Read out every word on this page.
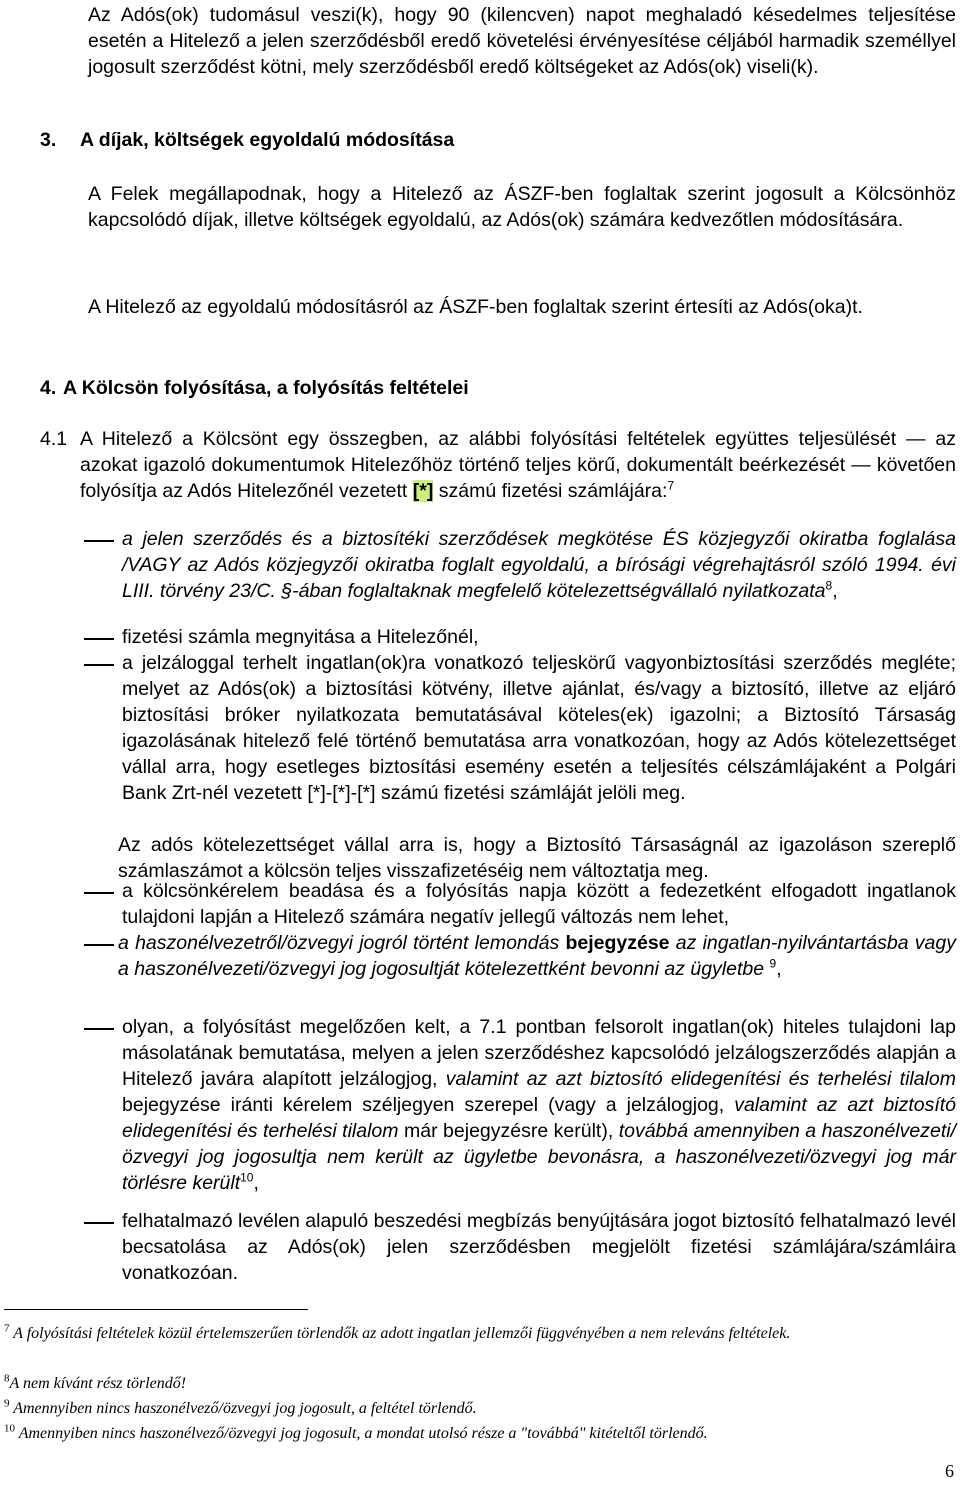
Az Adós(ok) tudomásul veszi(k), hogy 90 (kilencven) napot meghaladó késedelmes teljesítése esetén a Hitelező a jelen szerződésből eredő követelési érvényesítése céljából harmadik személlyel jogosult szerződést kötni, mely szerződésből eredő költségeket az Adós(ok) viseli(k).
3. A díjak, költségek egyoldalú módosítása
A Felek megállapodnak, hogy a Hitelező az ÁSZF-ben foglaltak szerint jogosult a Kölcsönhöz kapcsolódó díjak, illetve költségek egyoldalú, az Adós(ok) számára kedvezőtlen módosítására.
A Hitelező az egyoldalú módosításról az ÁSZF-ben foglaltak szerint értesíti az Adós(oka)t.
4. A Kölcsön folyósítása, a folyósítás feltételei
4.1 A Hitelező a Kölcsönt egy összegben, az alábbi folyósítási feltételek együttes teljesülését — az azokat igazoló dokumentumok Hitelezőhöz történő teljes körű, dokumentált beérkezését — követően folyósítja az Adós Hitelezőnél vezetett [*] számú fizetési számlájára:$^7$
a jelen szerződés és a biztosítéki szerződések megkötése ÉS közjegyzői okiratba foglalása /VAGY az Adós közjegyzői okiratba foglalt egyoldalú, a bírósági végrehajtásról szóló 1994. évi LIII. törvény 23/C. §-ában foglaltaknak megfelelő kötelezettségvállaló nyilatkozata$^8$,
fizetési számla megnyitása a Hitelezőnél,
a jelzáloggal terhelt ingatlan(ok)ra vonatkozó teljeskörű vagyonbiztosítási szerződés megléte; melyet az Adós(ok) a biztosítási kötvény, illetve ajánlat, és/vagy a biztosító, illetve az eljáró biztosítási bróker nyilatkozata bemutatásával köteles(ek) igazolni; a Biztosító Társaság igazolásának hitelező felé történő bemutatása arra vonatkozóan, hogy az Adós kötelezettséget vállal arra, hogy esetleges biztosítási esemény esetén a teljesítés célszámlájaként a Polgári Bank Zrt-nél vezetett [*]-[*]-[*] számú fizetési számláját jelöli meg.
Az adós kötelezettséget vállal arra is, hogy a Biztosító Társaságnál az igazoláson szereplő számlaszámot a kölcsön teljes visszafizetéséig nem változtatja meg.
a kölcsönkérelem beadása és a folyósítás napja között a fedezetként elfogadott ingatlanok tulajdoni lapján a Hitelező számára negatív jellegű változás nem lehet,
a haszonélvezetről/özvegyi jogról történt lemondás bejegyzése az ingatlan-nyilvántartásba vagy a haszonélvezeti/özvegyi jog jogosultját kötelezettként bevonni az ügyletbe $^9$,
olyan, a folyósítást megelőzően kelt, a 7.1 pontban felsorolt ingatlan(ok) hiteles tulajdoni lap másolatának bemutatása, melyen a jelen szerződéshez kapcsolódó jelzálogszerződés alapján a Hitelező javára alapított jelzálogjog, valamint az azt biztosító elidegenítési és terhelési tilalom bejegyzése iránti kérelem széljegyen szerepel (vagy a jelzálogjog, valamint az azt biztosító elidegenítési és terhelési tilalom már bejegyzésre került), továbbá amennyiben a haszonélvezeti/özvegyi jog jogosultja nem került az ügyletbe bevonásra, a haszonélvezeti/özvegyi jog már törlésre került$^{10}$,
felhatalmazó levélen alapuló beszedési megbízás benyújtására jogot biztosító felhatalmazó levél becsatolása az Adós(ok) jelen szerződésben megjelölt fizetési számlájára/számláira vonatkozóan.
$^7$ A folyósítási feltételek közül értelemszerűen törlendők az adott ingatlan jellemzői függvényében a nem releváns feltételek.
$^8$A nem kívánt rész törlendő!
$^9$ Amennyiben nincs haszonélvező/özvegyi jog jogosult, a feltétel törlendő.
$^{10}$ Amennyiben nincs haszonélvező/özvegyi jog jogosult, a mondat utolsó része a "továbbá" kitételtől törlendő.
6
